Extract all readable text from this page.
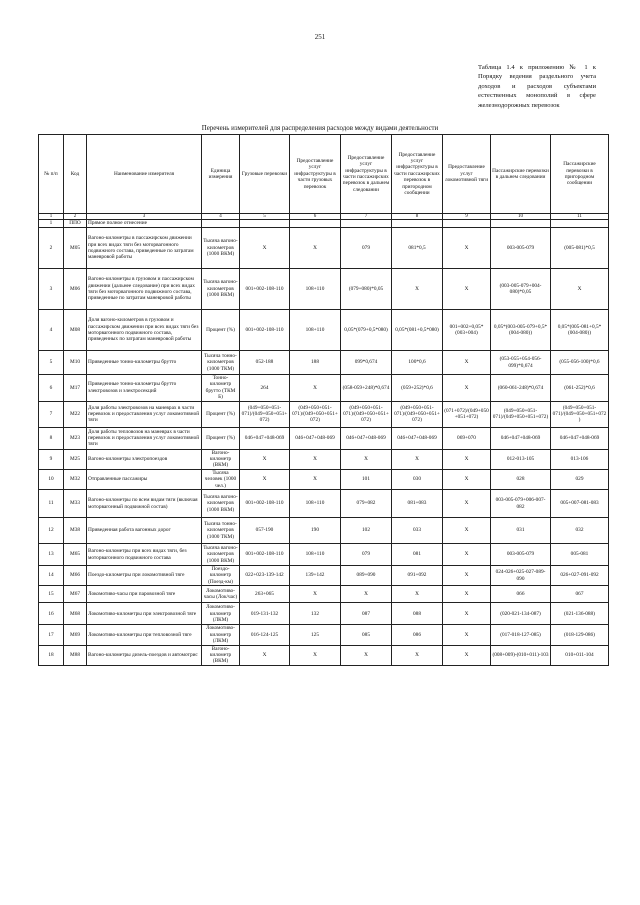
251
Таблица 1.4 к приложению № 1 к Порядку ведения раздельного учета доходов и расходов субъектами естественных монополий в сфере железнодорожных перевозок
Перечень измерителей для распределения расходов между видами деятельности
№ п/п	Код	Наименование измерителя	Единица измерения	Грузовые перевозки	Предоставление услуг инфраструктуры в части грузовых перевозок	Предоставление услуг инфраструктуры в части пассажирских перевозок в дальнем следовании	Предоставление услуг инфраструктуры в части пассажирских перевозок в пригородном сообщении	Предоставление услуг локомотивной тяги	Пассажирские перевозки в дальнем следовании	Пассажирские перевозки в пригородном сообщении
1	2	3	4	5	6	7	8	9	10	11
1	ППО	Прямое полное отнесение								
2	M05	Вагоно-километры в пассажирском движении при всех видах тяги без моторвагонного подвижного состава, приведенные по затратам маневровой работы	Тысяча вагоно-километров (1000 ВКМ)	X	X	079	081*0,5	X	003-005-079	(005-081)*0,5
3	M06	Вагоно-километры в грузовом и пассажирском движении (дальнее следование) при всех видах тяги без моторвагонного подвижного состава, приведенные по затратам маневровой работы	Тысяча вагоно-километров (1000 ВКМ)	001+002-108-110	108+110	(079+080)*0,05	X	X	(003-005-079+004-080)*0,05	X
4	M08	Доля вагоно-километров в грузовом и пассажирском движении при всех видах тяги без моторвагонного подвижного состава, приведенных по затратам маневровой работы	Процент (%)	001+002-108-110	108+110	0,05*(079+0,5*080)	0,05*(081+0,5*080)	001+002+0,05*(003+004)	0,05*(003-005-079+0,5*(004-080))	0,05*(005-081+0,5*(004-080))
5	M10	Приведенные тонно-километры брутто	Тысяча тонно-километров (1000 ТКМ)	052-188	188	099*0,674	100*0,6	X	(053-055+054-056-099)*0,674	(055-056-100)*0,6
6	M17	Приведенные тонно-километры брутто электровозов и электросекций	Тонно-километр брутто (ТКМ Б)	264	X	(058-059+248)*0,674	(059+252)*0,6	X	(060-061-248)*0,674	(061-252)*0,6
7	M22	Доля работы электровозов на маневрах в части перевозок и предоставления услуг локомотивной тяги	Процент (%)	(049+050+051-071)/(049+050+051+072)	(049+050+051-071)/(049+050+051+072)	(049+050+051-071)/(049+050+051+072)	(049+050+051-071)/(049+050+051+072)	(071+072)/(049+050+051+072)	(049+050+051-071)/(049+050+051+072)	(049+050+051-071)/(049+050+051+072)
8	M23	Доля работы тепловозов на маневрах в части перевозок и предоставления услуг локомотивной тяги	Процент (%)	046+047+048-069	046+047+048-069	046+047+048-069	046+047+048-069	069+070	046+047+048-069	046+047+048-069
9	M25	Вагоно-километры электропоездов	Вагоно-километр (ВКМ)	X	X	X	X	X	012-013-105	013-106
10	M32	Отправленные пассажиры	Тысяча человек (1000 чел.)	X	X	101	030	X	028	029
11	M33	Вагоно-километры по всем видам тяги (включая моторвагонный подвижной состав)	Тысяча вагоно-километров (1000 ВКМ)	001+002-108-110	108+110	079+082	081+083	X	003-005-079+006-007-082	005+007-081-083
12	M38	Приведенная работа вагонных дорог	Тысяча тонно-километров (1000 ТКМ)	057-190	190	102	033	X	031	032
13	M65	Вагоно-километры при всех видах тяги, без моторвагонного подвижного состава	Тысяча вагоно-километров (1000 ВКМ)	001+002-108-110	108+110	079	081	X	003-005-079	005-081
14	M66	Поездо-километры при локомотивной тяге	Поездо-километр (Поезд-км)	022+023-139-142	139+142	089+090	091+092	X	024-026+025-027-089-090	026+027-091-092
15	M67	Локомотиво-часы при паровозной тяге	Локомотиво-часы (Лок/час)	263+065	X	X	X	X	066	067
16	M68	Локомотиво-километры при электровозной тяге	Локомотиво-километр (ЛКМ)	019-131-132	132	087	088	X	(020-021-134-087)	(021-136-088)
17	M69	Локомотиво-километры при тепловозной тяге	Локомотиво-километр (ЛКМ)	016-124-125	125	085	086	X	(017-018-127-085)	(018-129-086)
18	M88	Вагоно-километры дизель-поездов и автомотрис	Вагоно-километр (ВКМ)	X	X	X	X	X	(008+009)-(010+011)-103	010+011-104
